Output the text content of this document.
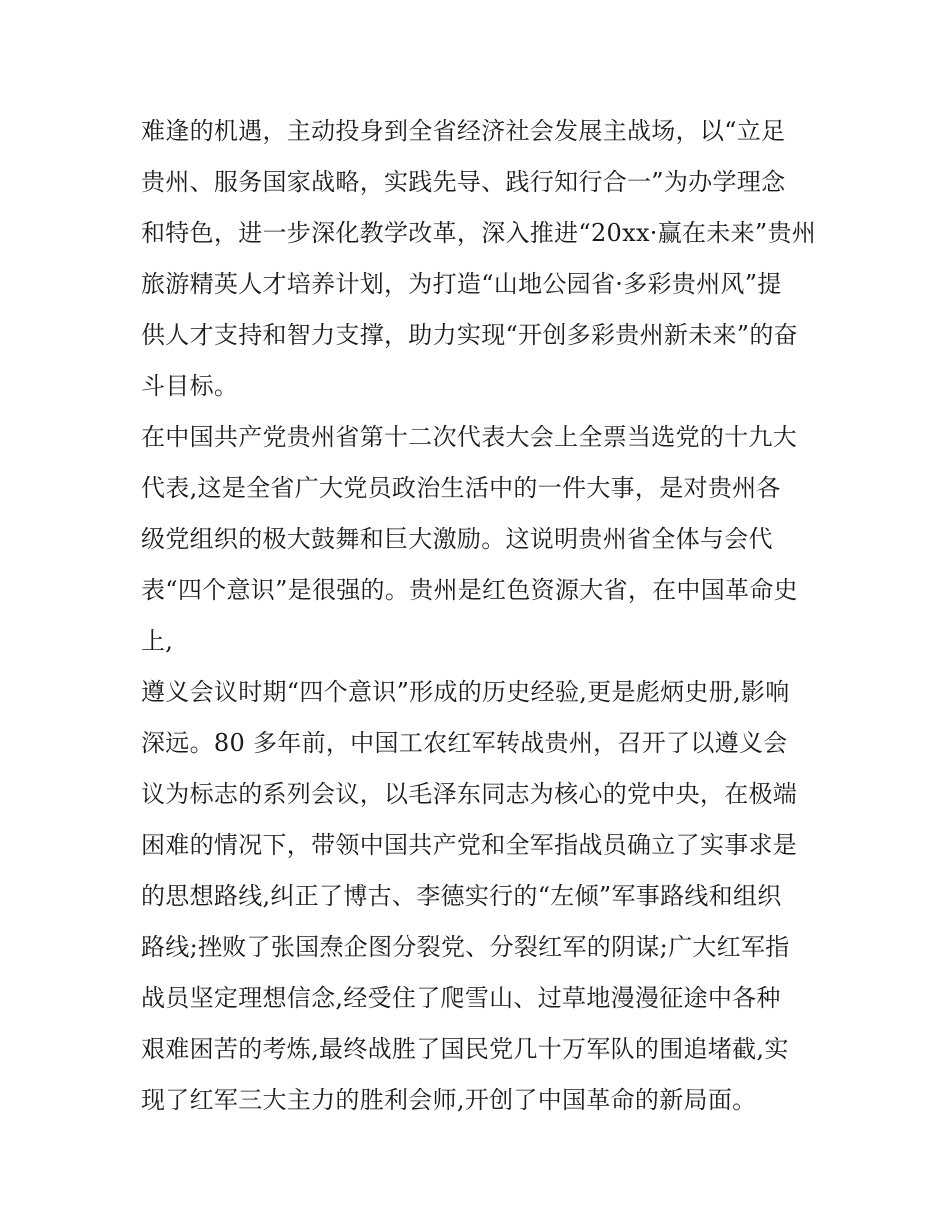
难逢的机遇，主动投身到全省经济社会发展主战场，以“立足
贵州、服务国家战略，实践先导、践行知行合一”为办学理念
和特色，进一步深化教学改革，深入推进“20xx·赢在未来”贵州
旅游精英人才培养计划，为打造“山地公园省·多彩贵州风”提
供人才支持和智力支撑，助力实现“开创多彩贵州新未来”的奋
斗目标。
在中国共产党贵州省第十二次代表大会上全票当选党的十九大
代表,这是全省广大党员政治生活中的一件大事，是对贵州各
级党组织的极大鼓舞和巨大激励。这说明贵州省全体与会代
表“四个意识”是很强的。贵州是红色资源大省，在中国革命史
上,
遵义会议时期“四个意识”形成的历史经验,更是彪炳史册,影响
深远。80 多年前，中国工农红军转战贵州，召开了以遵义会
议为标志的系列会议，以毛泽东同志为核心的党中央，在极端
困难的情况下，带领中国共产党和全军指战员确立了实事求是
的思想路线,纠正了博古、李德实行的“左倾”军事路线和组织
路线;挫败了张国焘企图分裂党、分裂红军的阴谋;广大红军指
战员坚定理想信念,经受住了爬雪山、过草地漫漫征途中各种
艰难困苦的考炼,最终战胜了国民党几十万军队的围追堵截,实
现了红军三大主力的胜利会师,开创了中国革命的新局面。
